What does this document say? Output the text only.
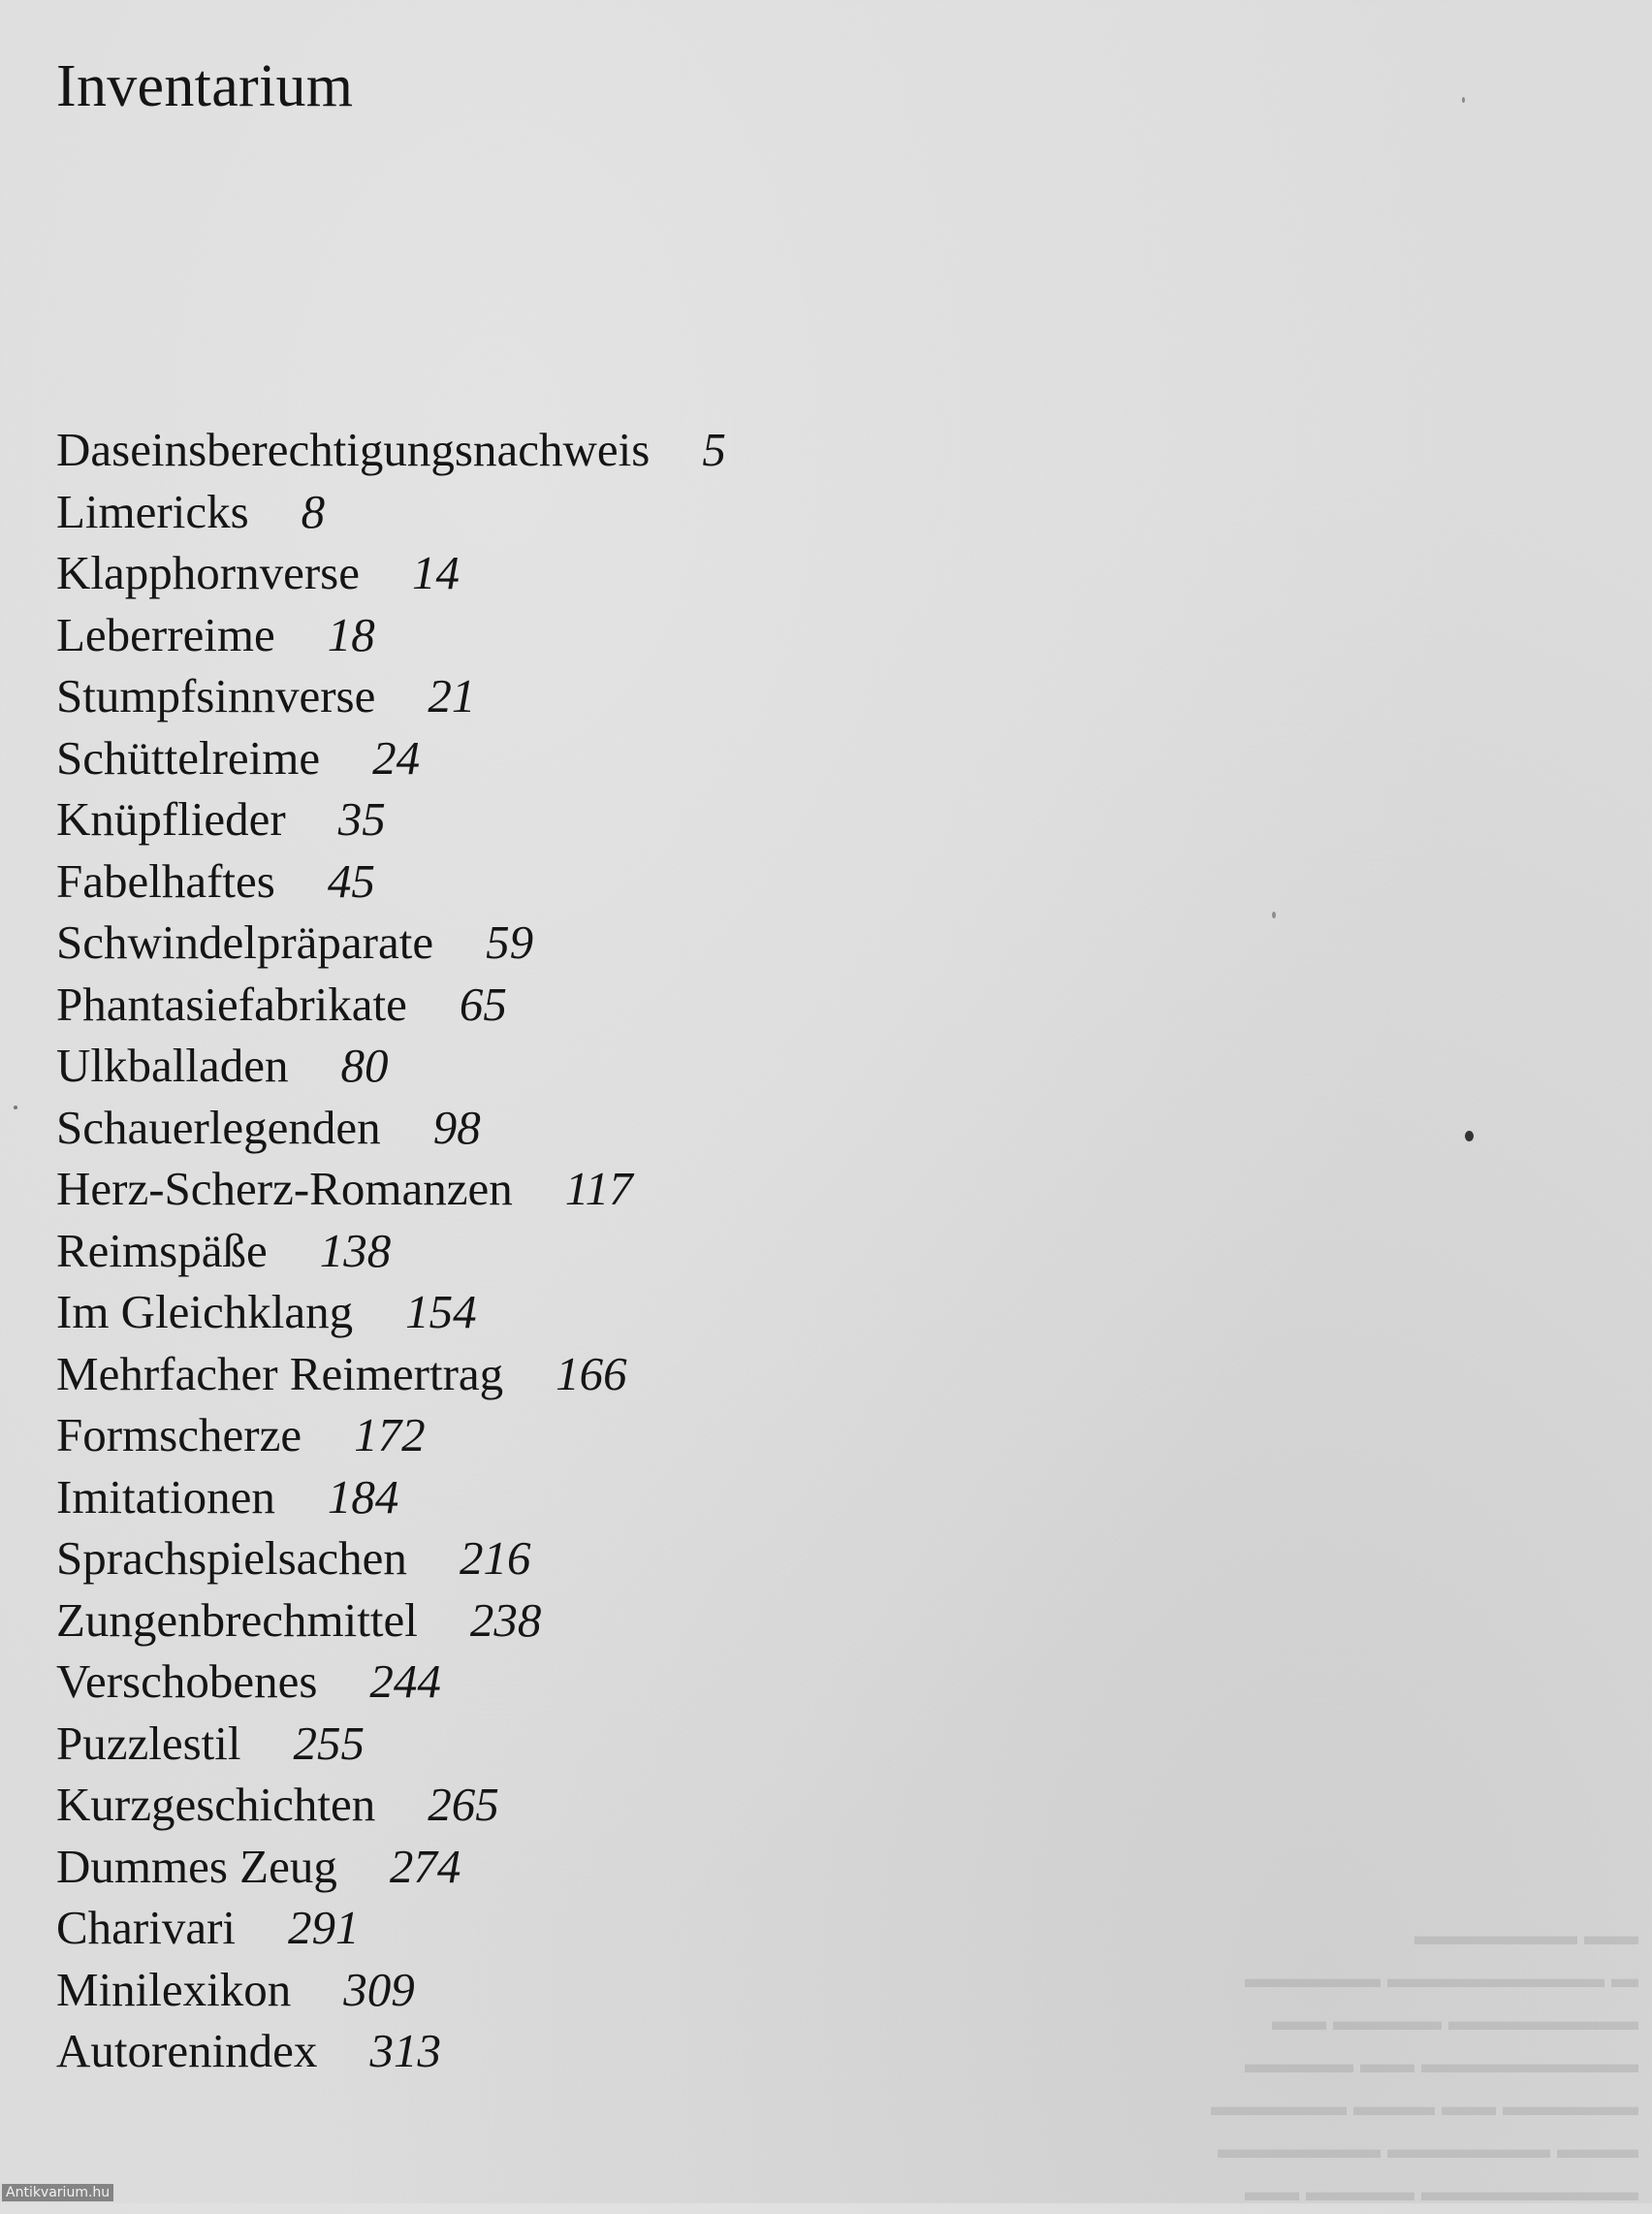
Inventarium
Daseinsberechtigungsnachweis 5
Limericks 8
Klapphornverse 14
Leberreime 18
Stumpfsinnverse 21
Schüttelreime 24
Knüpflieder 35
Fabelhaftes 45
Schwindelpräparate 59
Phantasiefabrikate 65
Ulkballaden 80
Schauerlegenden 98
Herz-Scherz-Romanzen 117
Reimspäße 138
Im Gleichklang 154
Mehrfacher Reimertrag 166
Formscherze 172
Imitationen 184
Sprachspielsachen 216
Zungenbrechmittel 238
Verschobenes 244
Puzzlestil 255
Kurzgeschichten 265
Dummes Zeug 274
Charivari 291
Minilexikon 309
Autorenindex 313
▬▬ ▬▬▬▬▬▬
▬ ▬▬▬▬▬▬▬▬ ▬▬▬▬▬
▬▬▬▬▬▬▬ ▬▬▬▬ ▬▬
▬▬▬▬▬▬▬▬ ▬▬ ▬▬▬▬
▬▬▬▬▬ ▬▬ ▬▬▬ ▬▬▬▬▬
▬▬▬ ▬▬▬▬▬▬ ▬▬▬▬▬▬
▬▬▬▬▬▬▬▬ ▬▬▬▬ ▬▬
Antikvarium.hu
